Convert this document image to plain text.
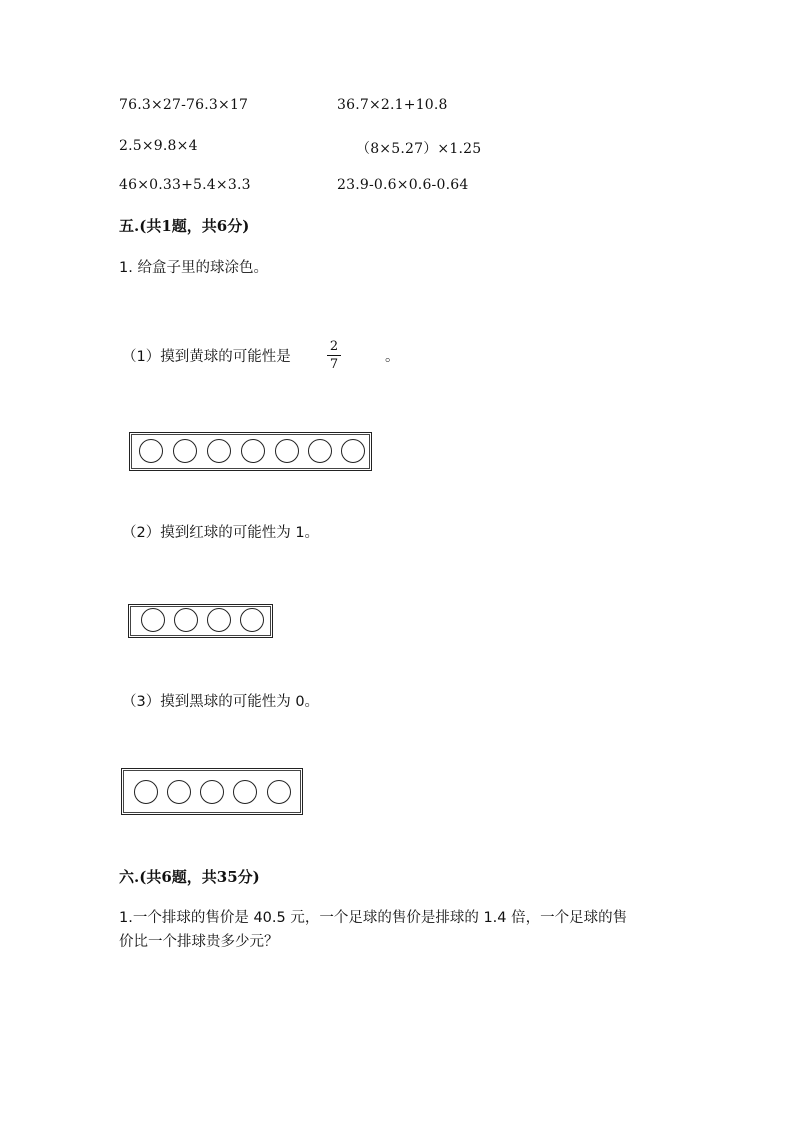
76.3×27-76.3×17	36.7×2.1+10.8
2.5×9.8×4	（8×5.27）×1.25
46×0.33+5.4×3.3	23.9-0.6×0.6-0.64
五.(共1题，共6分)
1. 给盒子里的球涂色。
（1）摸到黄球的可能性是
2
7	。
（2）摸到红球的可能性为 1。
（3）摸到黑球的可能性为 0。
六.(共6题，共35分)
1.一个排球的售价是 40.5 元，一个足球的售价是排球的 1.4 倍，一个足球的售
价比一个排球贵多少元？
